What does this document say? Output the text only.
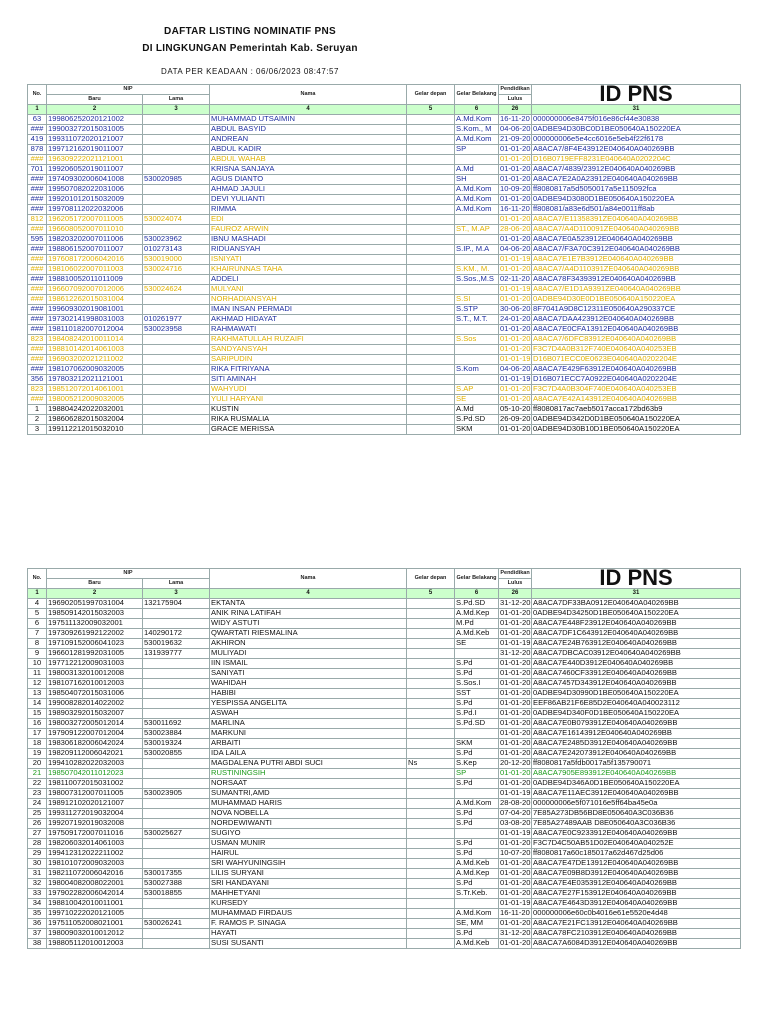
DAFTAR LISTING NOMINATIF PNS
DI LINGKUNGAN Pemerintah Kab. Seruyan
DATA PER KEADAAN : 06/06/2023 08:47:57
No.	NIP		Nama	Gelar depan	Gelar Belakang	Pendidikan	ID PNS
	Baru	Lama				Lulus	

1	2	3	4	5	6	26	31
63	199806252020121002		MUHAMMAD UTSAIMIN		A.Md.Kom	16-11-20	000000006e8475f016e86cf44e30838
###	199003272015031005		ABDUL BASYID		S.Kom., M	04-06-20	0ADBE94D30BC0D1BE050640A150220EA
419	199311072020121007		ANDREAN		A.Md.Kom	21-09-20	000000006e5e4cc6016e5eb4f22f6178
878	199712162019011007		ABDUL KADIR		SP	01-01-20	A8ACA7/8F4E43912E040640A040269BB
###	196309222021121001		ABDUL WAHAB			01-01-20	D16B0719EFF8231E040640A0202204C
701	199206052019011007		KRISNA SANJAYA		A.Md	01-01-20	A8ACA7/4839/23912E040640A040269BB
###	197409302006041008	530020985	AGUS DIANTO		SH	01-01-20	A8ACA7E2A0A23912E040640A040269BB
###	199507082022031006		AHMAD JAJULI		A.Md.Kom	10-09-20	ff8080817a5d5050017a5e115092fca
###	199201012015032009		DEVI YULIANTI		A.Md.Kom	01-01-20	0ADBE94D3080D1BE050640A150220EA
###	199708112022032006		RIMMA		A.Md.Kom	16-11-20	ff808081/a83e6d501/a84e0011ff8ab
812	196205172007011005	530024074	EDI			01-01-20	A8ACA7/E11358391ZE040640A040269BB
###	196608052007011010		FAUROZ ARWIN		ST., M.AP	28-06-20	A8ACA7/A4D110091ZE040640A040269BB
595	198203202007011006	530023962	IBNU MASHADI			01-01-20	A8ACA7E0A523912E040640A040269BB
###	198806152007011007	010273143	RIDUANSYAH		S.IP., M.A	04-06-20	A8ACA7/F3A70C3912E040640A040269BB
###	197608172006042016	530019000	ISNIYATI			01-01-19	A8ACA7E1E7B3912E040640A040269BB
###	198106022007011003	530024716	KHAIRUNNAS TAHA		S.KM., M.	01-01-20	A8ACA7/A4D110391ZE040640A040269BB
###	198810052011011009		ADDELI		S.Sos.,M.S	02-11-20	A8ACA78F34393912E040640A040269BB
###	196607092007012006	530024624	MULYANI			01-01-19	A8ACA7/E1D1A9391ZE040640A040269BB
###	198612262015031004		NORHADIANSYAH		S.SI	01-01-20	0ADBE94D30E0D1BE050640A150220EA
###	199609302019081001		IMAN INSAN PERMADI		S.STP	30-06-20	8F7041A9D8C12311E050640A290337CE
###	197302141998031003	010261977	AKHMAD HIDAYAT		S.T., M.T.	24-01-20	A8ACA7DAA423912E040640A040269BB
###	198110182007012004	530023958	RAHMAWATI			01-01-20	A8ACA7E0CFA13912E040640A040269BB
823	198408242010011014		RAKHMATULLAH RUZAIFI		S.Sos	01-01-20	A8ACA7/6DFC83912E040640A040269BB
###	198810142014061003		SANDYANSYAH			01-01-20	F3C7D4A0B312F740E040640A040253EB
###	196903202021211002		SARIPUDIN			01-01-19	D16B071ECC0E0623E040640A0202204E
###	198107062009032005		RIKA FITRIYANA		S.Kom	04-06-20	A8ACA7E429F63912E040640A040269BB
356	197803212021121001		SITI AMINAH			01-01-19	D16B071ECC7A0922E040640A0202204E
823	198512072014061001		WAHYUDI		S.AP	01-01-20	F3C7D4A0B304F740E040640A040253EB
###	198005212009032005		YULI HARYANI		SE	01-01-20	A8ACA7E42A143912E040640A040269BB
1	198804242022032001		KUSTIN		A.Md	05-10-20	ff8080817ac7aeb5017acca172bd63b9
2	198606282015032004		RIKA RUSMALIA		S.Pd.SD	26-09-20	0ADBE94D342D0D1BE050640A150220EA
3	199112212015032010		GRACE MERISSA		SKM	01-01-20	0ADBE94D30B10D1BE050640A150220EA
No.	NIP		Nama	Gelar depan	Gelar Belakang	Pendidikan	ID PNS
	Baru	Lama				Lulus	

1	2	3	4	5	6	26	31
4	196902051997031004	132175904	EKTANTA		S.Pd.SD	31-12-20	A8ACA7DF33BA0912E040640A040269BB
5	198509142015032003		ANIK RINA LATIFAH		A.Md.Kep	01-01-20	0ADBE94D34250D1BE050640A150220EA
6	197511132009032001		WIDY ASTUTI		M.Pd	01-01-20	A8ACA7E448F23912E040640A040269BB
7	197309261992122002	140290172	QWARTATI RIESMALINA		A.Md.Keb	01-01-20	A8ACA7DF1C643912E040640A040269BB
8	197109152006041023	530019632	AKHIRON		SE	01-01-19	A8ACA7E24B763912E040640A040269BB
9	196601281992031005	131939777	MULIYADI			31-12-20	A8ACA7DBCAC03912E040640A040269BB
10	197712212009031003		IIN ISMAIL		S.Pd	01-01-20	A8ACA7E440D3912E040640A040269BB
11	198003132010012008		SANIYATI		S.Pd	01-01-20	A8ACA7460CF33912E040640A040269BB
12	198107162010012003		WAHIDAH		S.Sos.I	01-01-20	A8ACA7457D343912E040640A040269BB
13	198504072015031006		HABIBI		SST	01-01-20	0ADBE94D30990D1BE050640A150220EA
14	199008282014022002		YESPISSA ANGELITA		S.Pd	01-01-20	EEF86AB21F6E85D2E040640A040023112
15	198903292015032007		ASWAH		S.Pd.I	01-01-20	0ADBE94D340F0D1BE050640A150220EA
16	198003272005012014	530011692	MARLINA		S.Pd.SD	01-01-20	A8ACA7E0B079391ZE040640A040269BB
17	197909122007012004	530023884	MARKUNI			01-01-20	A8ACA7E16143912E040640A040269BB
18	198306182006042024	530019324	ARBAITI		SKM	01-01-20	A8ACA7E2485D3912E040640A040269BB
19	198209112006042021	530020855	IDA LAILA		S.Pd	01-01-20	A8ACA7E242073912E040640A040269BB
20	199410282022032003		MAGDALENA PUTRI ABDI SUCI	Ns	S.Kep	20-12-20	ff8080817a5fdb0017a5f135790071
21	198507042011012023		RUSTININGSIH		SP	01-01-20	A8ACA7905E893912E040640A040269BB
22	198110072015031002		NORSAAT		S.Pd	01-01-20	0ADBE94D346A0D1BE050640A150220EA
23	198007312007011005	530023905	SUMANTRI,AMD			01-01-19	A8ACA7E11AEC3912E040640A040269BB
24	198912102020121007		MUHAMMAD HARIS		A.Md.Kom	28-08-20	000000006e5f071016e5ff64ba45e0a
25	199311272019032004		NOVA NOBELLA		S.Pd	07-04-20	7E85A273DB56BD8E050640A3C036B36
26	199207192019032008		NORDEWIWANTI		S.Pd	03-08-20	7E85A27489AAB D8E050640A3C036B36
27	197509172007011016	530025627	SUGIYO			01-01-19	A8ACA7E0C9233912E040640A040269BB
28	198206032014061003		USMAN MUNIR		S.Pd	01-01-20	F3C7D4C50AB51D02E040640A040252E
29	199412312022211002		HAIRUL		S.Pd	10-07-20	ff8080817a60c185017a62d467d25d06
30	198101072009032003		SRI WAHYUNINGSIH		A.Md.Keb	01-01-20	A8ACA7E47DE13912E040640A040269BB
31	198211072006042016	530017355	LILIS SURYANI		A.Md.Kep	01-01-20	A8ACA7E09B8D3912E040640A040269BB
32	198004082008022001	530027388	SRI HANDAYANI		S.Pd	01-01-20	A8ACA7E4E0353912E040640A040269BB
33	197902282006042014	530018855	MAHHETYANI		S.Tr.Keb.	01-01-20	A8ACA7E27F153912E040640A040269BB
34	198810042010011001		KURSEDY			01-01-19	A8ACA7E4643D3912E040640A040269BB
35	199710222020121005		MUHAMMAD FIRDAUS		A.Md.Kom	16-11-20	000000006e60c0b4016e61e5520e4d48
36	197511052008021001	530026241	F. RAMOS P. SINAGA		SE, MM	01-01-20	A8ACA7E21FC13912E040640A040269BB
37	198009032010012012		HAYATI		S.Pd	31-12-20	A8ACA78FC2103912E040640A040269BB
38	198805112010012003		SUSI SUSANTI		A.Md.Keb	01-01-20	A8ACA7A6084D3912E040640A040269BB
